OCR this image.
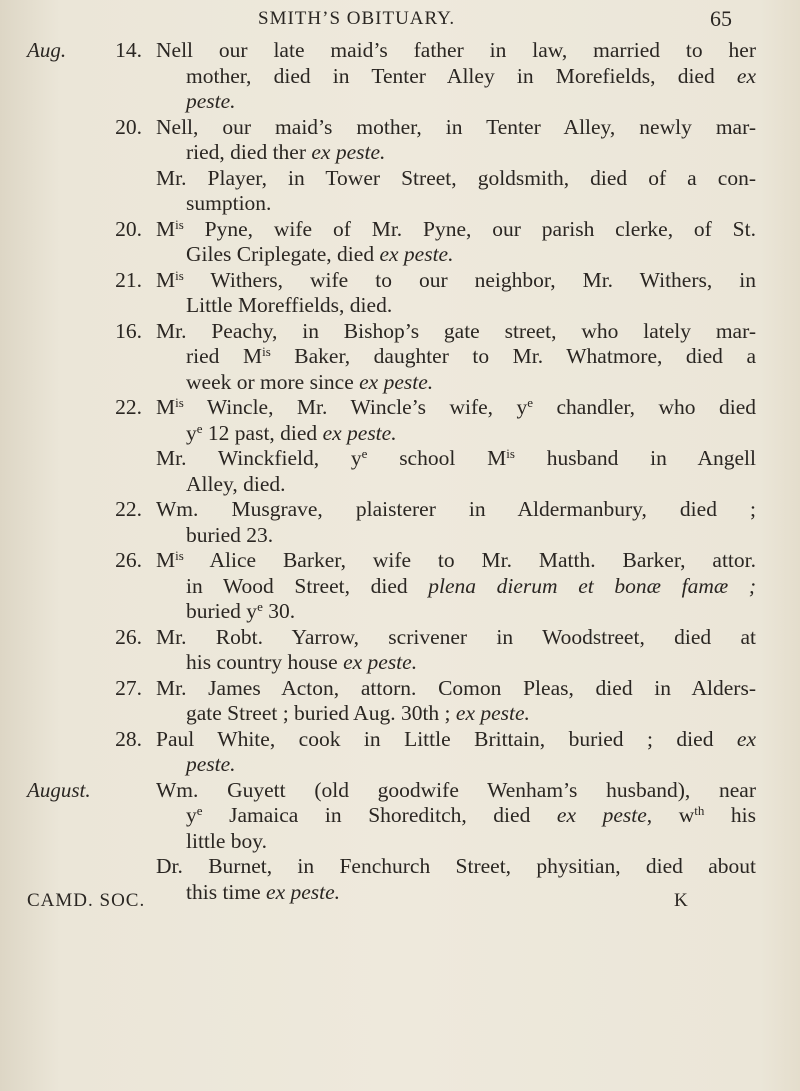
SMITH’S OBITUARY.	65
Aug.	14. Nell our late maid’s father in law, married to her
mother, died in Tenter Alley in Morefields, died ex
peste.
20. Nell, our maid’s mother, in Tenter Alley, newly mar-
ried, died ther ex peste.
Mr. Player, in Tower Street, goldsmith, died of a con-
sumption.
20. $M^{is}$ Pyne, wife of Mr. Pyne, our parish clerke, of St.
Giles Criplegate, died ex peste.
21. $M^{is}$ Withers, wife to our neighbor, Mr. Withers, in
Little Moreffields, died.
16. Mr. Peachy, in Bishop’s gate street, who lately mar-
ried $M^{is}$ Baker, daughter to Mr. Whatmore, died a
week or more since ex peste.
22. $M^{is}$ Wincle, Mr. Wincle’s wife, $y^e$ chandler, who died
$y^e$ 12 past, died ex peste.
Mr. Winckfield, $y^e$ school $M^{is}$ husband in Angell
Alley, died.
22. Wm. Musgrave, plaisterer in Aldermanbury, died ;
buried 23.
26. $M^{is}$ Alice Barker, wife to Mr. Matth. Barker, attor.
in Wood Street, died plena dierum et bonæ famæ ;
buried $y^e$ 30.
26. Mr. Robt. Yarrow, scrivener in Woodstreet, died at
his country house ex peste.
27. Mr. James Acton, attorn. Comon Pleas, died in Alders-
gate Street ; buried Aug. 30th ; ex peste.
28. Paul White, cook in Little Brittain, buried ; died ex
peste.
August.	Wm. Guyett (old goodwife Wenham’s husband), near
$y^e$ Jamaica in Shoreditch, died ex peste, $w^{th}$ his
little boy.
Dr. Burnet, in Fenchurch Street, physitian, died about
this time ex peste.
CAMD. SOC.	K
